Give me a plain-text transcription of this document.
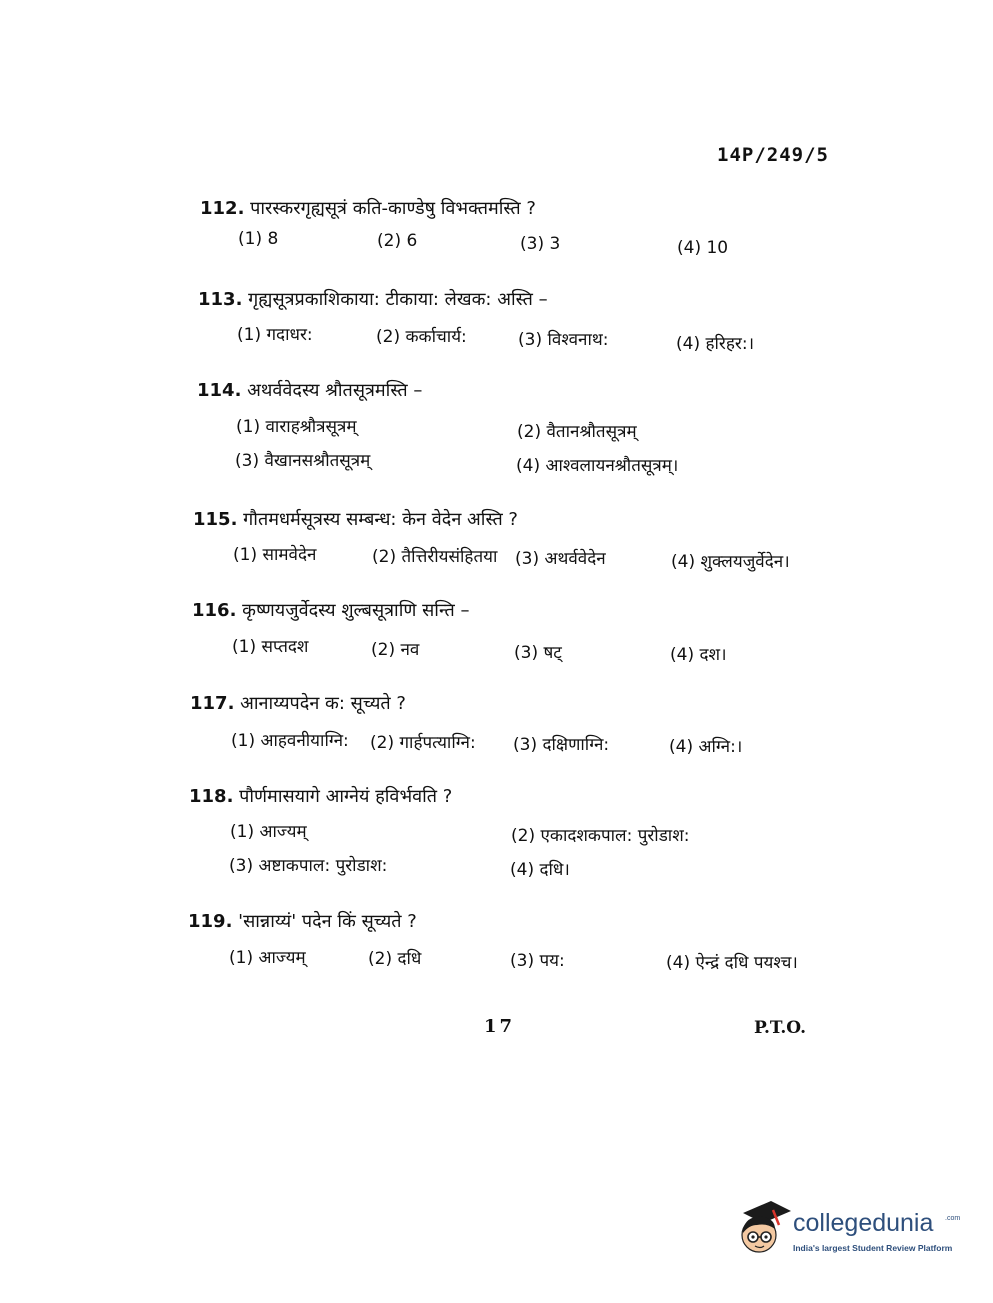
14P/249/5
112. पारस्करगृह्यसूत्रं कति-काण्डेषु विभक्तमस्ति ?
(1) 8	(2) 6	(3) 3	(4) 10
113. गृह्यसूत्रप्रकाशिकाया: टीकाया: लेखक: अस्ति –
(1) गदाधर:	(2) कर्काचार्य:	(3) विश्वनाथ:	(4) हरिहर:।
114. अथर्ववेदस्य श्रौतसूत्रमस्ति –
(1) वाराहश्रौत्रसूत्रम्	(2) वैतानश्रौतसूत्रम्
(3) वैखानसश्रौतसूत्रम्	(4) आश्वलायनश्रौतसूत्रम्।
115. गौतमधर्मसूत्रस्य सम्बन्ध: केन वेदेन अस्ति ?
(1) सामवेदेन	(2) तैत्तिरीयसंहितया (3) अथर्ववेदेन	(4) शुक्लयजुर्वेदेन।
116. कृष्णयजुर्वेदस्य शुल्बसूत्राणि सन्ति –
(1) सप्तदश	(2) नव	(3) षट्	(4) दश।
117. आनाय्यपदेन क: सूच्यते ?
(1) आहवनीयाग्नि: (2) गार्हपत्याग्नि: (3) दक्षिणाग्नि:	(4) अग्नि:।
118. पौर्णमासयागे आग्नेयं हविर्भवति ?
(1) आज्यम्	(2) एकादशकपाल: पुरोडाश:
(3) अष्टाकपाल: पुरोडाश:	(4) दधि।
119. 'सान्नाय्यं' पदेन किं सूच्यते ?
(1) आज्यम्	(2) दधि	(3) पय:	(4) ऐन्द्रं दधि पयश्च।
17	P.T.O.
collegedunia .com
India's largest Student Review Platform
